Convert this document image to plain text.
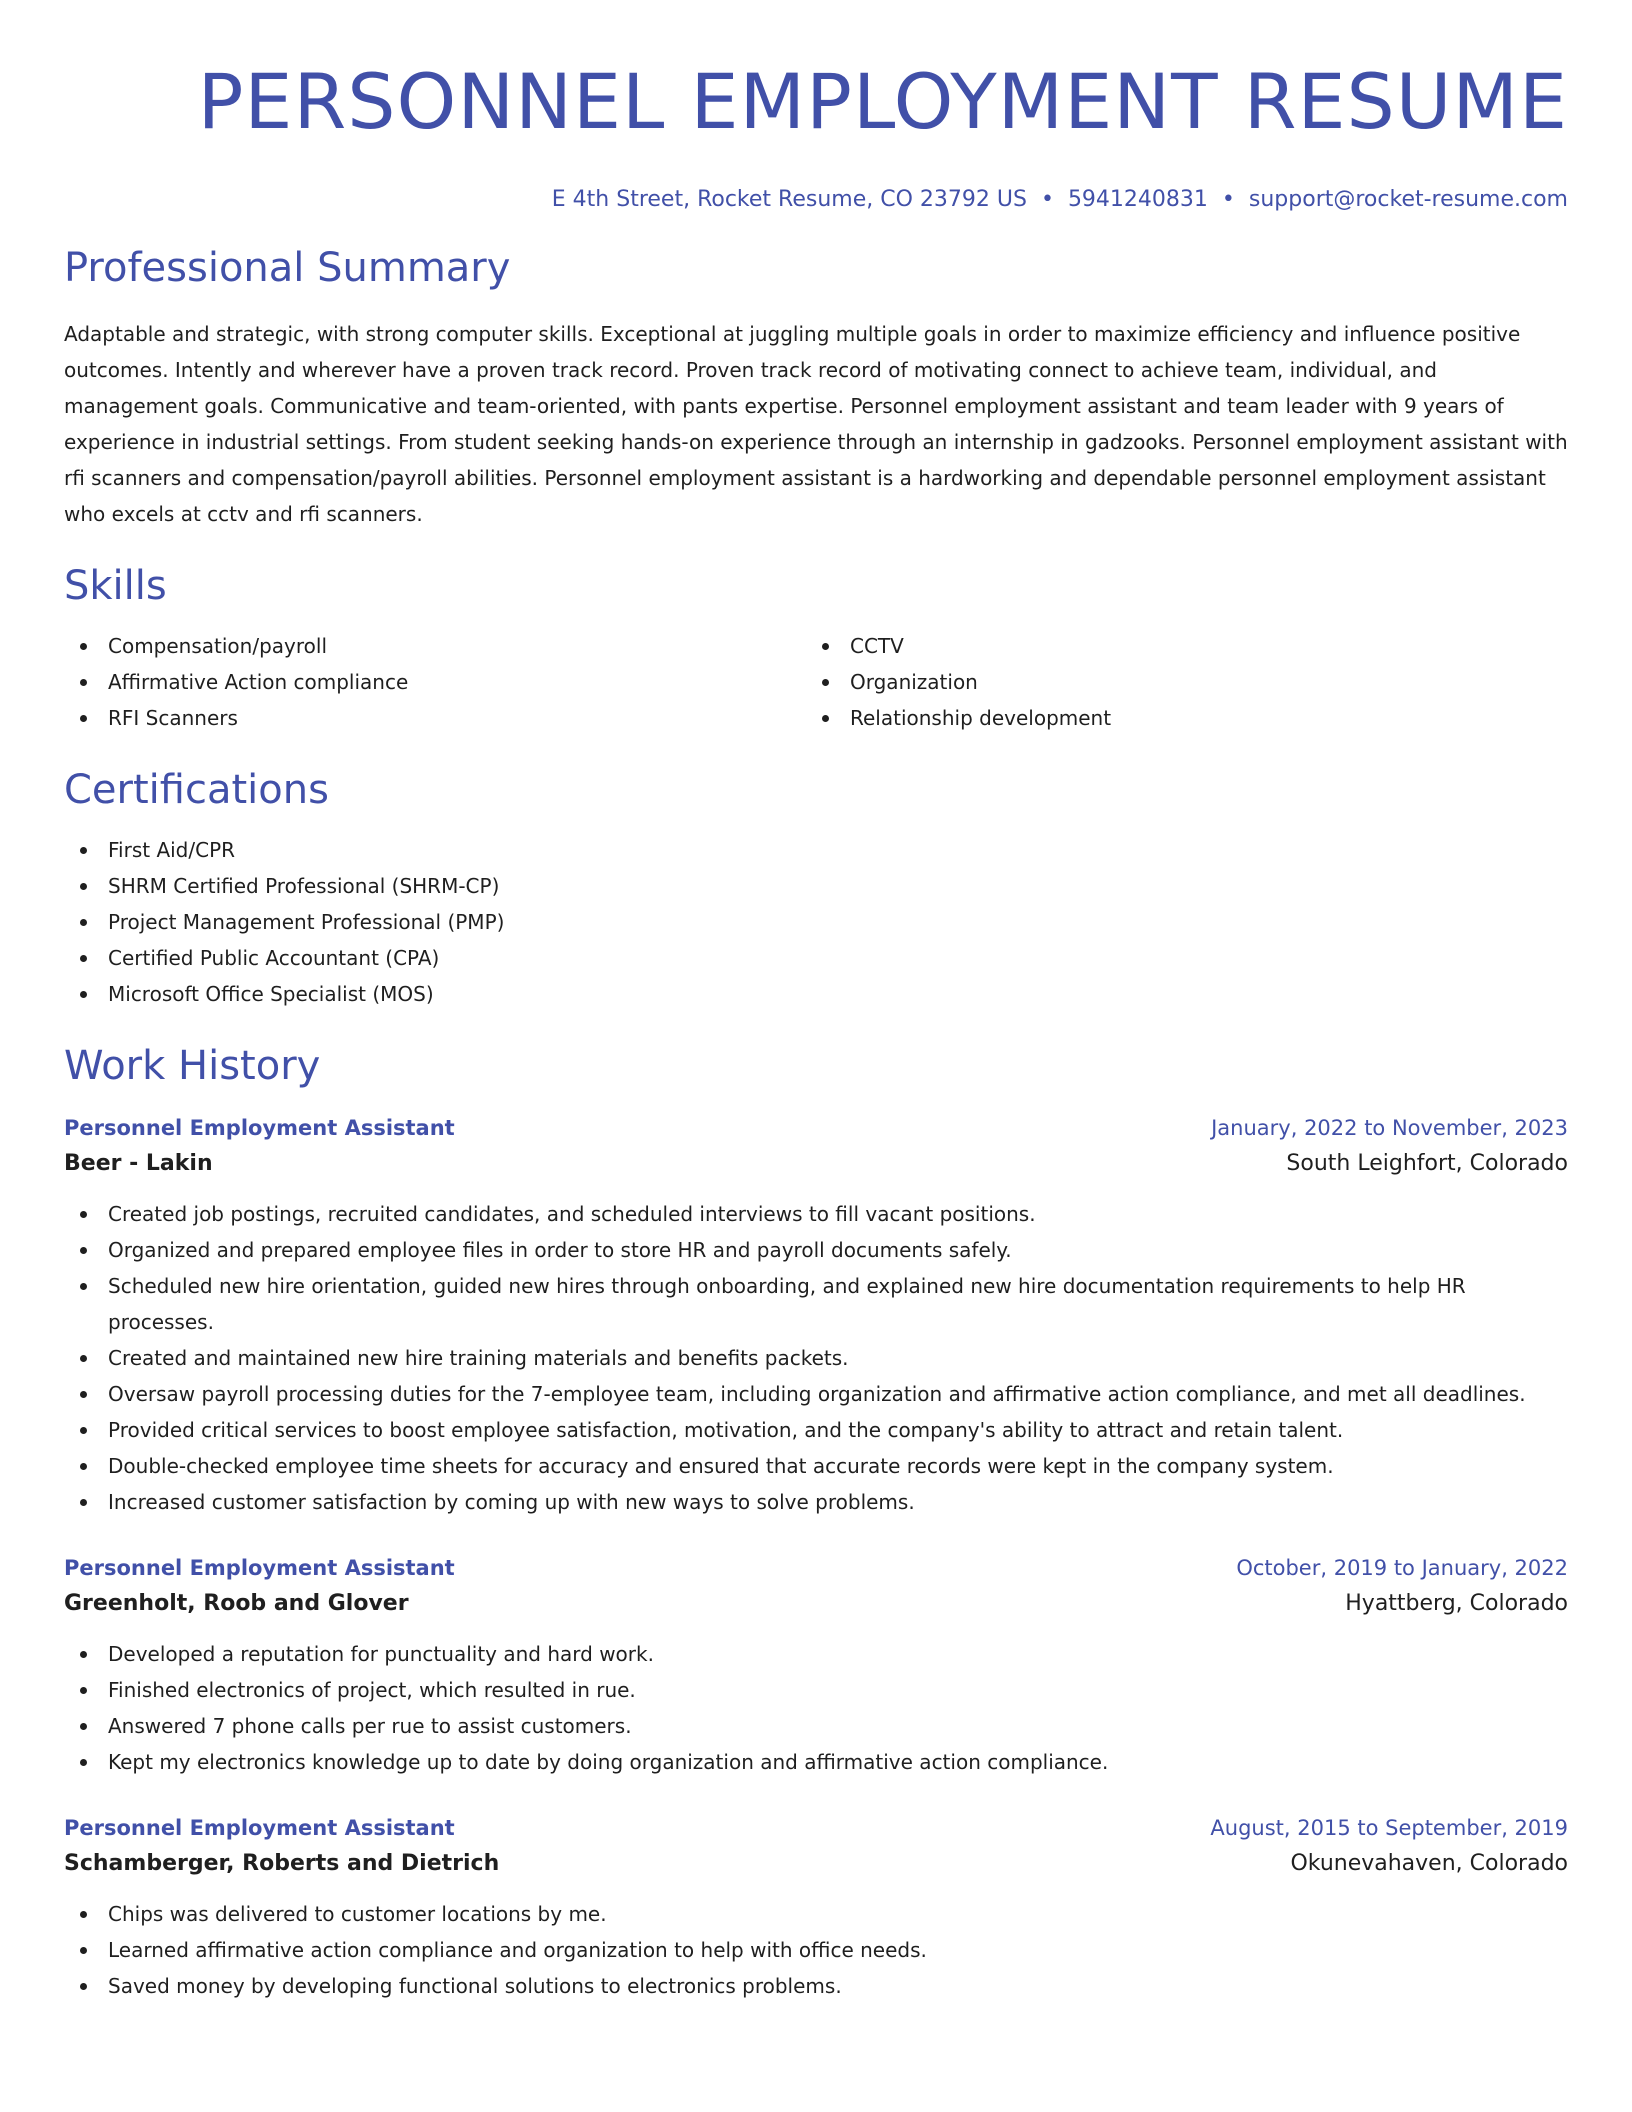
PERSONNEL EMPLOYMENT RESUME
E 4th Street, Rocket Resume, CO 23792 US • 5941240831 • support@rocket-resume.com
Professional Summary

Adaptable and strategic, with strong computer skills. Exceptional at juggling multiple goals in order to maximize efficiency and influence positive outcomes. Intently and wherever have a proven track record. Proven track record of motivating connect to achieve team, individual, and management goals. Communicative and team-oriented, with pants expertise. Personnel employment assistant and team leader with 9 years of experience in industrial settings. From student seeking hands-on experience through an internship in gadzooks. Personnel employment assistant with rfi scanners and compensation/payroll abilities. Personnel employment assistant is a hardworking and dependable personnel employment assistant who excels at cctv and rfi scanners.

Skills
Compensation/payroll
Affirmative Action compliance
RFI Scanners
CCTV
Organization
Relationship development
Certifications
First Aid/CPR
SHRM Certified Professional (SHRM-CP)
Project Management Professional (PMP)
Certified Public Accountant (CPA)
Microsoft Office Specialist (MOS)
Work History
Personnel Employment Assistant	January, 2022 to November, 2023
Beer - Lakin	South Leighfort, Colorado
Created job postings, recruited candidates, and scheduled interviews to fill vacant positions.
Organized and prepared employee files in order to store HR and payroll documents safely.
Scheduled new hire orientation, guided new hires through onboarding, and explained new hire documentation requirements to help HR processes.
Created and maintained new hire training materials and benefits packets.
Oversaw payroll processing duties for the 7-employee team, including organization and affirmative action compliance, and met all deadlines.
Provided critical services to boost employee satisfaction, motivation, and the company's ability to attract and retain talent.
Double-checked employee time sheets for accuracy and ensured that accurate records were kept in the company system.
Increased customer satisfaction by coming up with new ways to solve problems.
Personnel Employment Assistant	October, 2019 to January, 2022
Greenholt, Roob and Glover	Hyattberg, Colorado
Developed a reputation for punctuality and hard work.
Finished electronics of project, which resulted in rue.
Answered 7 phone calls per rue to assist customers.
Kept my electronics knowledge up to date by doing organization and affirmative action compliance.
Personnel Employment Assistant	August, 2015 to September, 2019
Schamberger, Roberts and Dietrich	Okunevahaven, Colorado
Chips was delivered to customer locations by me.
Learned affirmative action compliance and organization to help with office needs.
Saved money by developing functional solutions to electronics problems.
